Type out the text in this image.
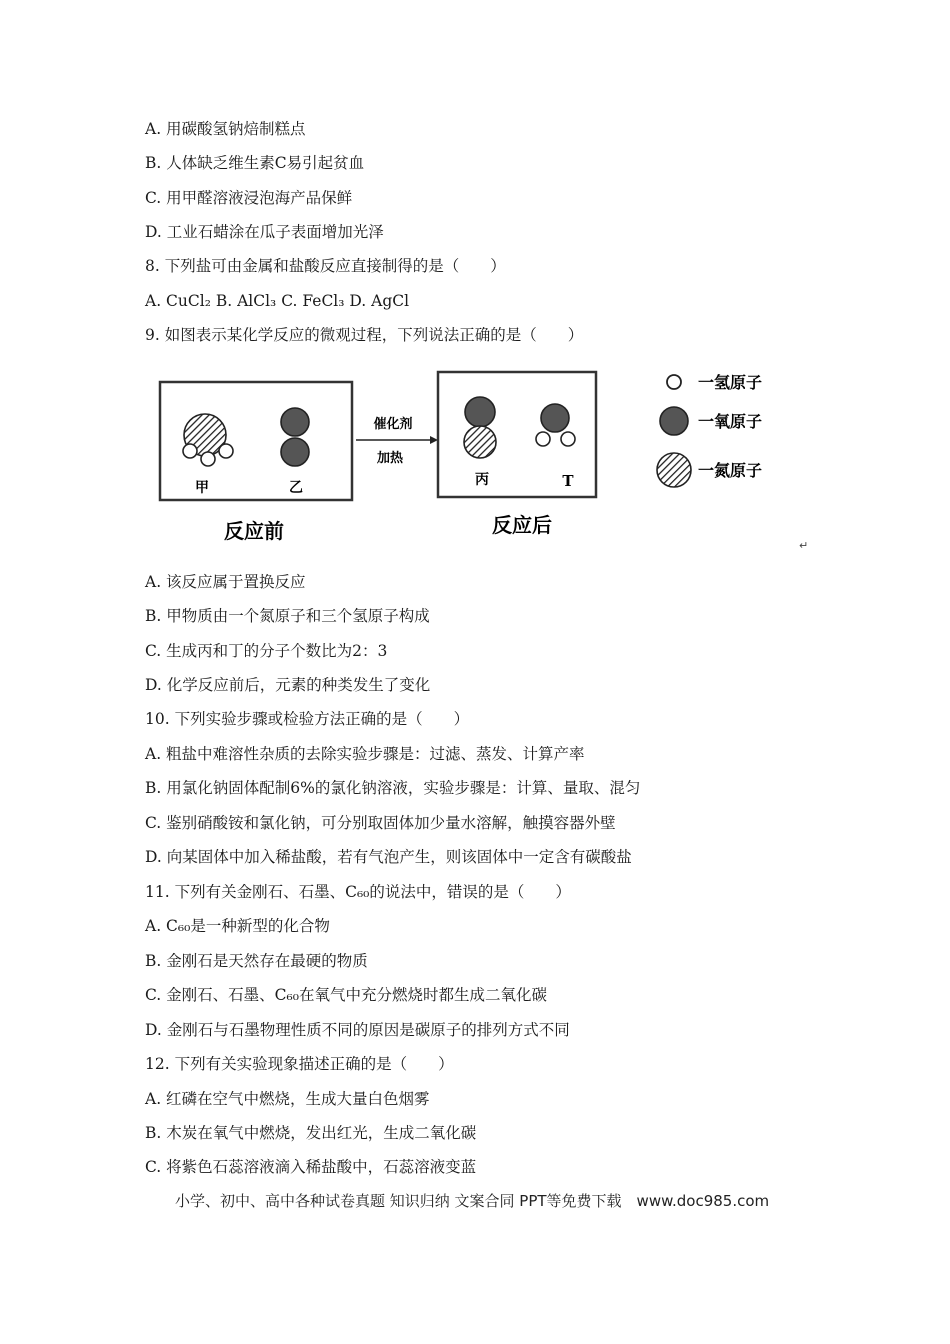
A. 用碳酸氢钠焙制糕点
B. 人体缺乏维生素C易引起贫血
C. 用甲醛溶液浸泡海产品保鲜
D. 工业石蜡涂在瓜子表面增加光泽
8. 下列盐可由金属和盐酸反应直接制得的是（　　）
A. CuCl₂ B. AlCl₃ C. FeCl₃ D. AgCl
9. 如图表示某化学反应的微观过程，下列说法正确的是（　　）
甲	乙
反应前
催化剂
加热
丙	T
反应后
一氢原子
一氧原子
一氮原子
↵
A. 该反应属于置换反应
B. 甲物质由一个氮原子和三个氢原子构成
C. 生成丙和丁的分子个数比为2：3
D. 化学反应前后，元素的种类发生了变化
10. 下列实验步骤或检验方法正确的是（　　）
A. 粗盐中难溶性杂质的去除实验步骤是：过滤、蒸发、计算产率
B. 用氯化钠固体配制6%的氯化钠溶液，实验步骤是：计算、量取、混匀
C. 鉴别硝酸铵和氯化钠，可分别取固体加少量水溶解，触摸容器外壁
D. 向某固体中加入稀盐酸，若有气泡产生，则该固体中一定含有碳酸盐
11. 下列有关金刚石、石墨、C₆₀的说法中，错误的是（　　）
A. C₆₀是一种新型的化合物
B. 金刚石是天然存在最硬的物质
C. 金刚石、石墨、C₆₀在氧气中充分燃烧时都生成二氧化碳
D. 金刚石与石墨物理性质不同的原因是碳原子的排列方式不同
12. 下列有关实验现象描述正确的是（　　）
A. 红磷在空气中燃烧，生成大量白色烟雾
B. 木炭在氧气中燃烧，发出红光，生成二氧化碳
C. 将紫色石蕊溶液滴入稀盐酸中，石蕊溶液变蓝
小学、初中、高中各种试卷真题 知识归纳 文案合同 PPT等免费下载　www.doc985.com
